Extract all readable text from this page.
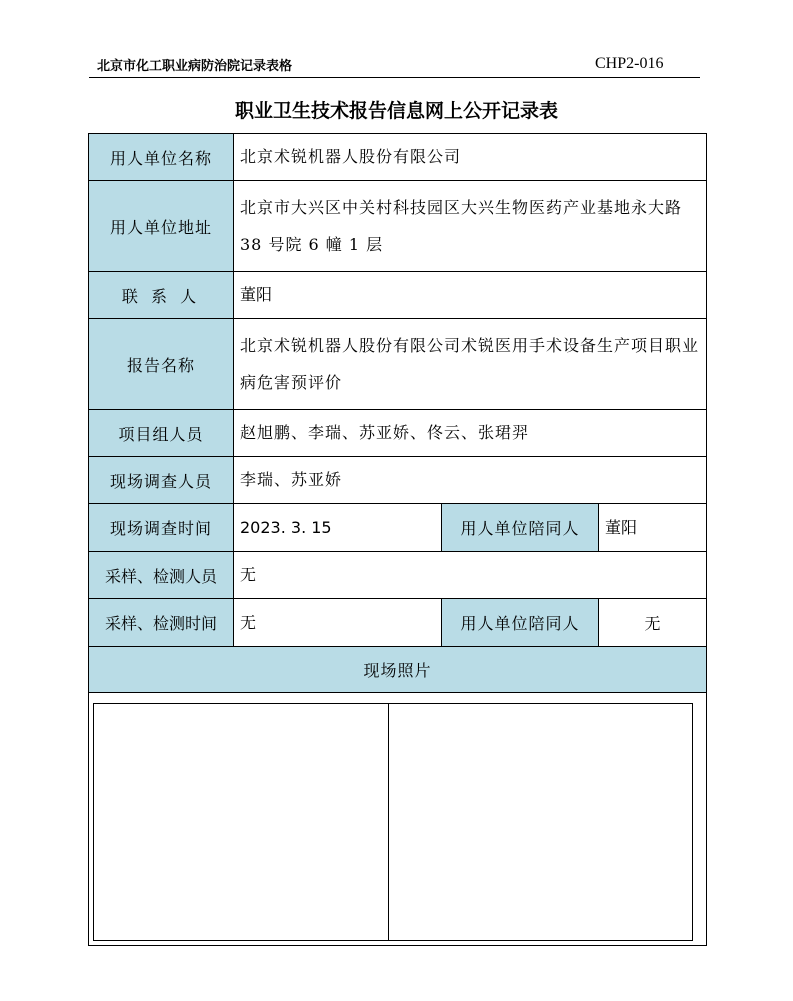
北京市化工职业病防治院记录表格	CHP2-016
职业卫生技术报告信息网上公开记录表
用人单位名称	北京术锐机器人股份有限公司		
用人单位地址	北京市大兴区中关村科技园区大兴生物医药产业基地永大路 38 号院 6 幢 1 层		
联 系 人	董阳		
报告名称	北京术锐机器人股份有限公司术锐医用手术设备生产项目职业病危害预评价		
项目组人员	赵旭鹏、李瑞、苏亚娇、佟云、张珺羿		
现场调查人员	李瑞、苏亚娇		
现场调查时间	2023. 3. 15	用人单位陪同人	董阳
采样、检测人员	无		
采样、检测时间	无	用人单位陪同人	无
现场照片			
